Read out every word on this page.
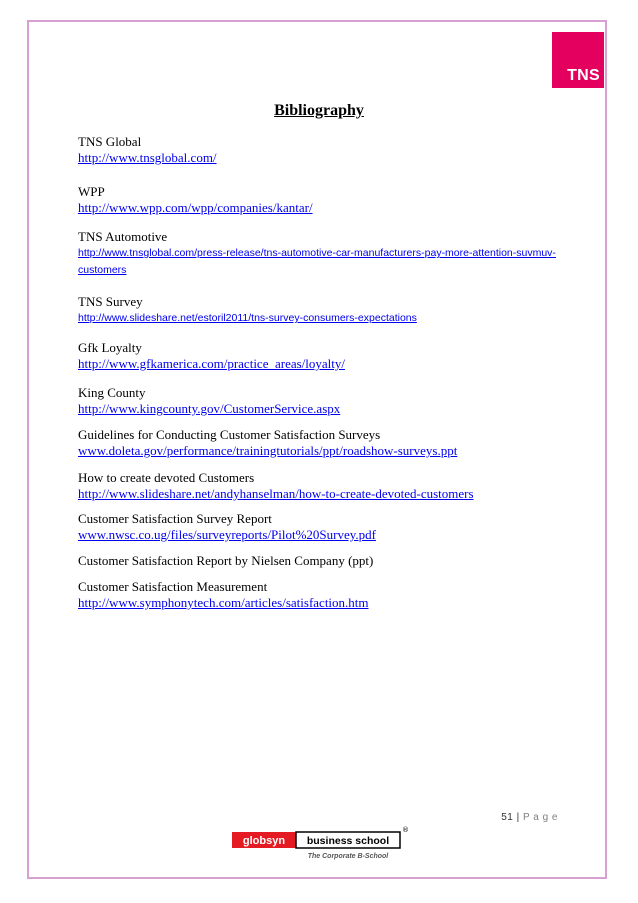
TNS
Bibliography
TNS Global
http://www.tnsglobal.com/
WPP
http://www.wpp.com/wpp/companies/kantar/
TNS Automotive
http://www.tnsglobal.com/press-release/tns-automotive-car-manufacturers-pay-more-attention-suvmuv-customers
TNS Survey
http://www.slideshare.net/estoril2011/tns-survey-consumers-expectations
Gfk Loyalty
http://www.gfkamerica.com/practice_areas/loyalty/
King County
http://www.kingcounty.gov/CustomerService.aspx
Guidelines for Conducting Customer Satisfaction Surveys
www.doleta.gov/performance/trainingtutorials/ppt/roadshow-surveys.ppt
How to create devoted Customers
http://www.slideshare.net/andyhanselman/how-to-create-devoted-customers
Customer Satisfaction Survey Report
www.nwsc.co.ug/files/surveyreports/Pilot%20Survey.pdf
Customer Satisfaction Report by Nielsen Company (ppt)
Customer Satisfaction Measurement
http://www.symphonytech.com/articles/satisfaction.htm
51 | P a g e
globsyn business school
®
The Corporate B-School
